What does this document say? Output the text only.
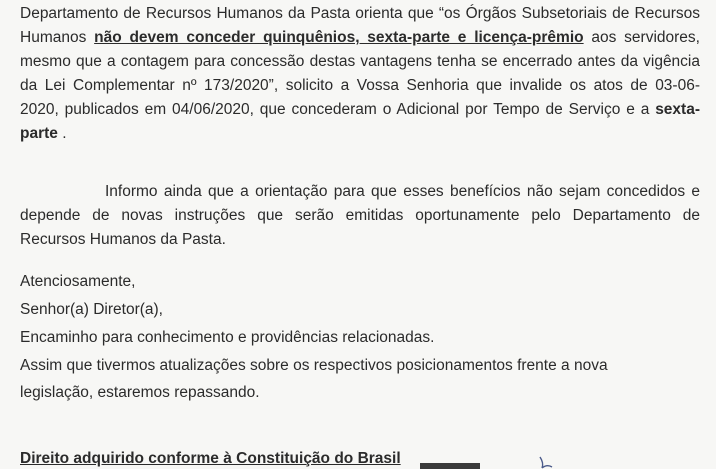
Departamento de Recursos Humanos da Pasta orienta que “os Órgãos Subsetoriais de Recursos
Humanos não devem conceder quinquênios, sexta-parte e licença-prêmio aos servidores,
mesmo que a contagem para concessão destas vantagens tenha se encerrado antes da vigência
da Lei Complementar nº 173/2020”, solicito a Vossa Senhoria que invalide os atos de 03-06-
2020, publicados em 04/06/2020, que concederam o Adicional por Tempo de Serviço e a sexta-
parte .
Informo ainda que a orientação para que esses benefícios não sejam concedidos e
depende de novas instruções que serão emitidas oportunamente pelo Departamento de
Recursos Humanos da Pasta.

Atenciosamente,

Senhor(a) Diretor(a),

Encaminho para conhecimento e providências relacionadas.

Assim que tivermos atualizações sobre os respectivos posicionamentos frente a nova

legislação, estaremos repassando.

Direito adquirido conforme à Constituição do Brasil
